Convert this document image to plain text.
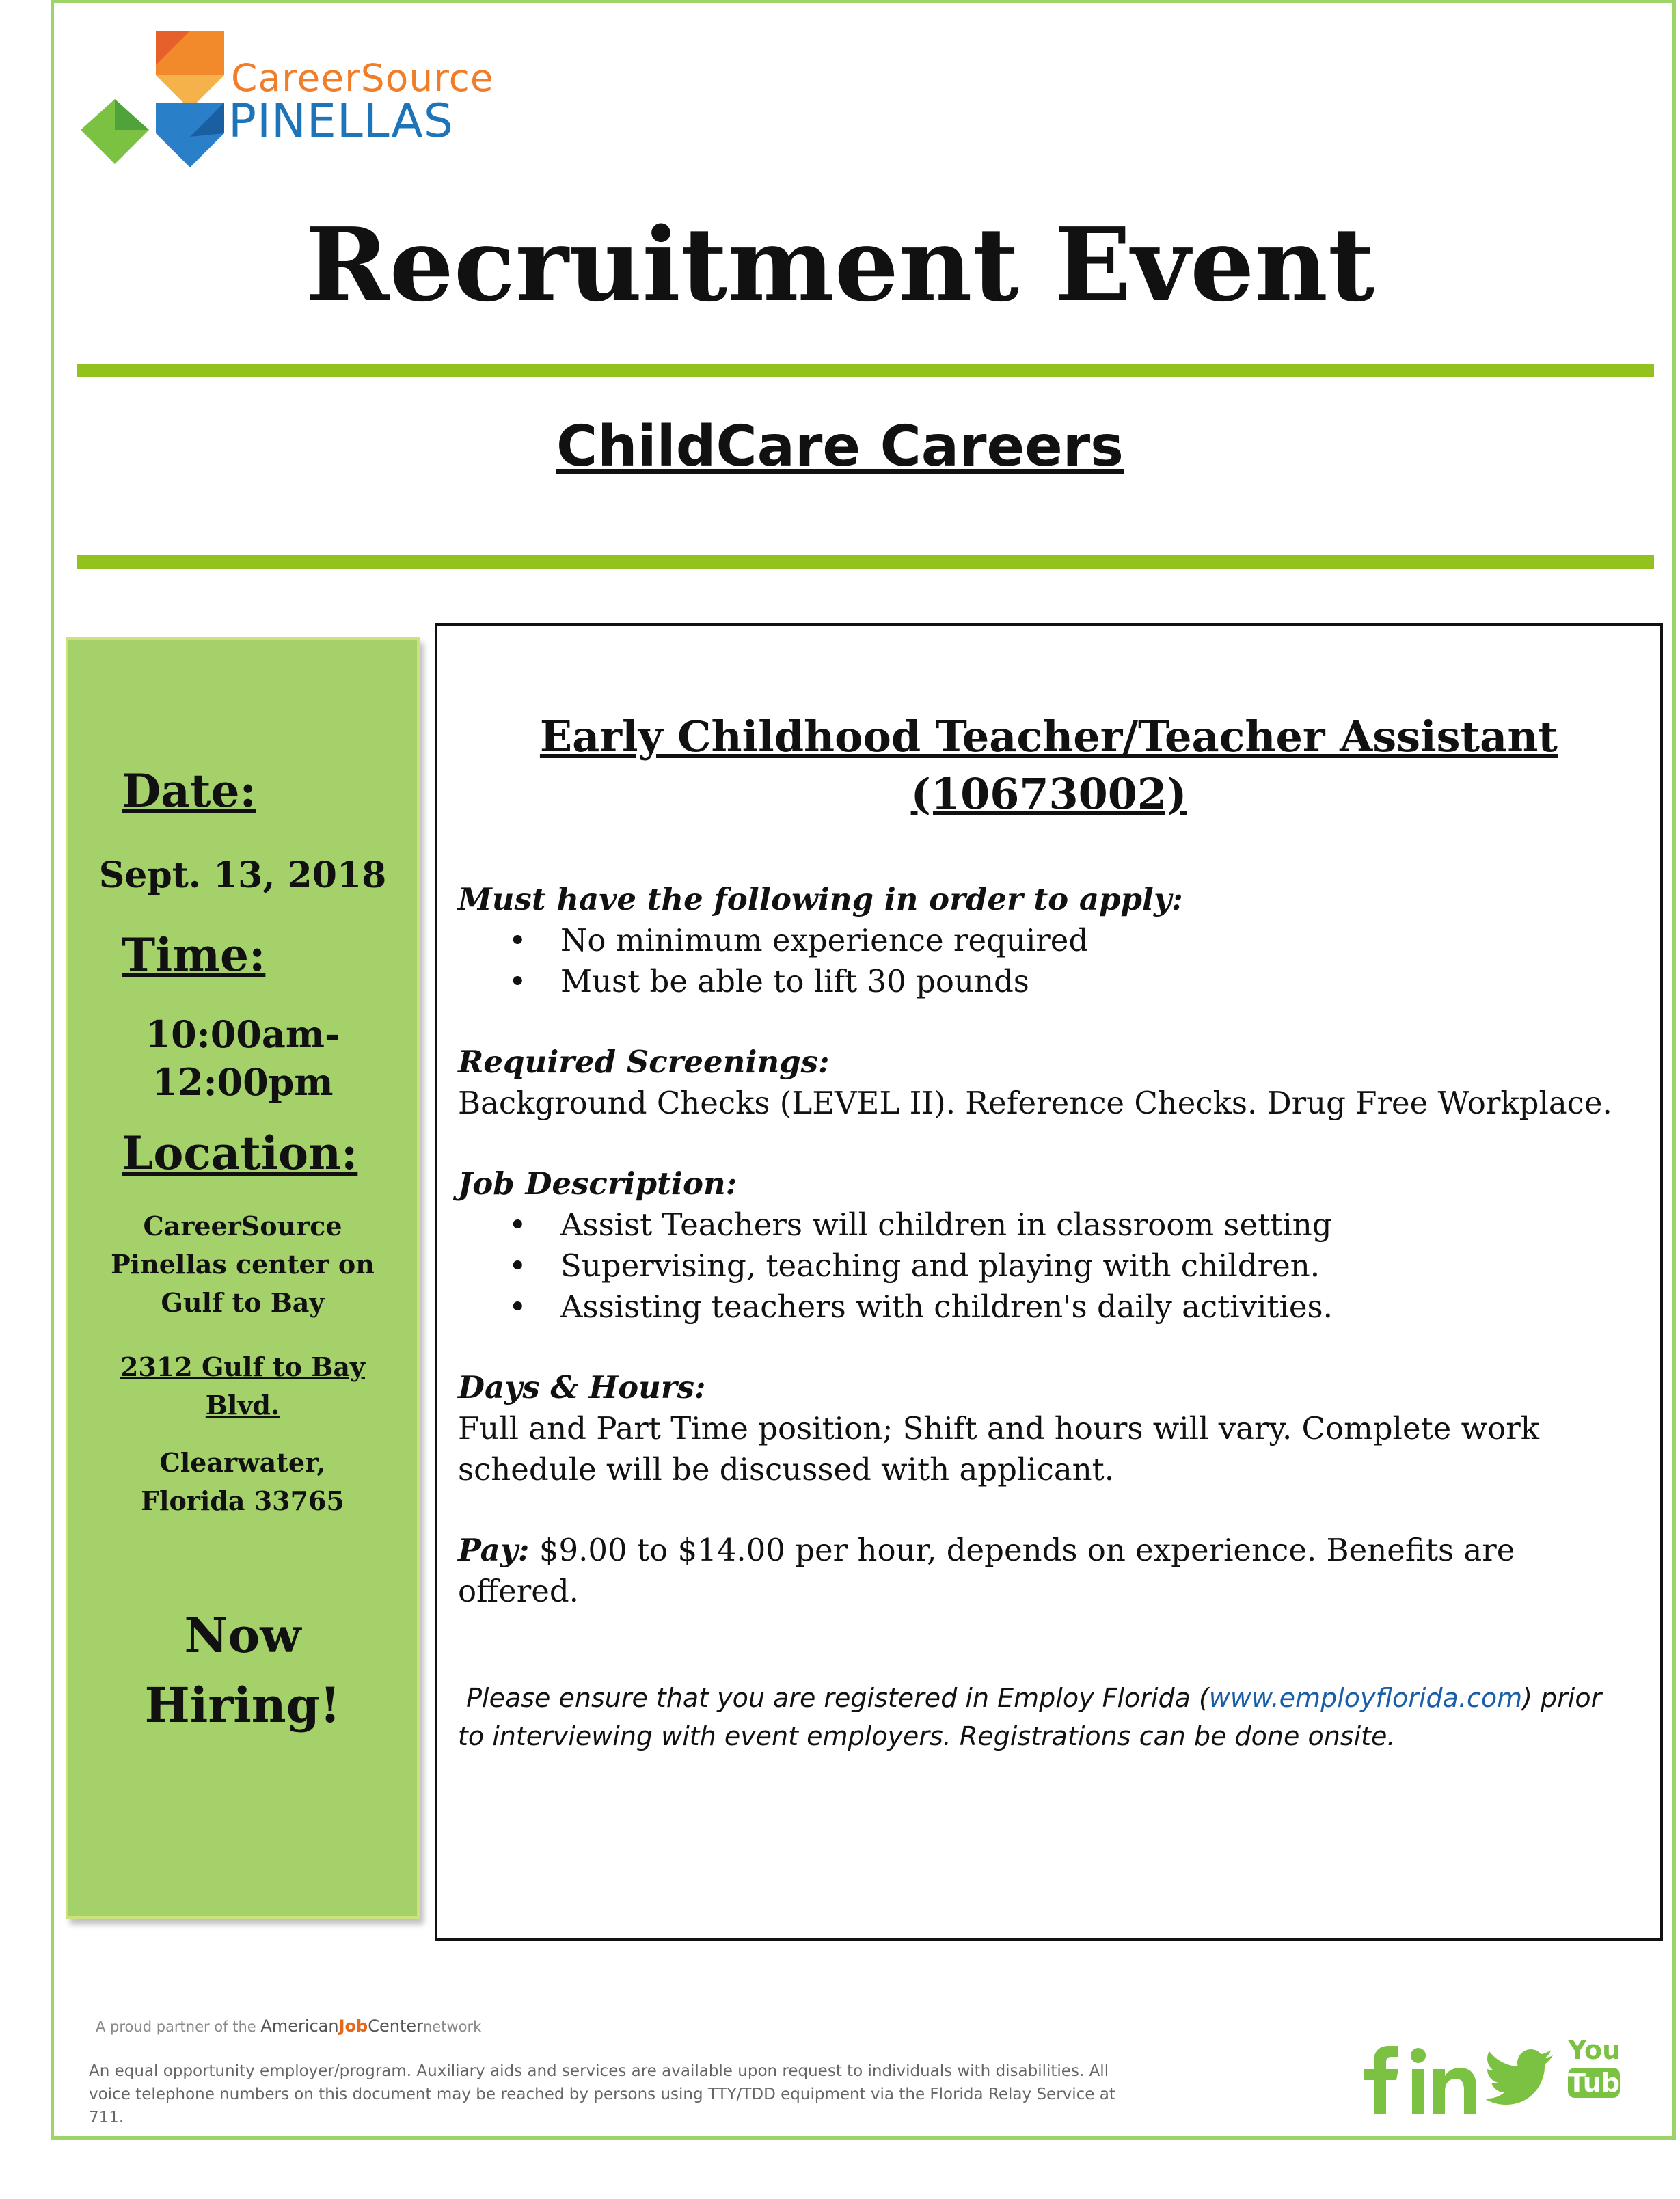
CareerSource
PINELLAS
Recruitment Event
ChildCare Careers
Date:
Sept. 13, 2018
Time:
10:00am-
12:00pm
Location:
CareerSource
Pinellas center on
Gulf to Bay
2312 Gulf to Bay
Blvd.
Clearwater,
Florida 33765
Now
Hiring!
Early Childhood Teacher/Teacher Assistant
(10673002)
Must have the following in order to apply:
• No minimum experience required
• Must be able to lift 30 pounds
Required Screenings:
Background Checks (LEVEL II). Reference Checks. Drug Free Workplace.
Job Description:
• Assist Teachers will children in classroom setting
• Supervising, teaching and playing with children.
• Assisting teachers with children's daily activities.
Days & Hours:
Full and Part Time position; Shift and hours will vary. Complete work schedule will be discussed with applicant.
Pay: $9.00 to $14.00 per hour, depends on experience. Benefits are offered.
Please ensure that you are registered in Employ Florida (www.employflorida.com) prior to interviewing with event employers. Registrations can be done onsite.
A proud partner of the AmericanJobCenternetwork
An equal opportunity employer/program. Auxiliary aids and services are available upon request to individuals with disabilities. All voice telephone numbers on this document may be reached by persons using TTY/TDD equipment via the Florida Relay Service at 711.
You
Tube
